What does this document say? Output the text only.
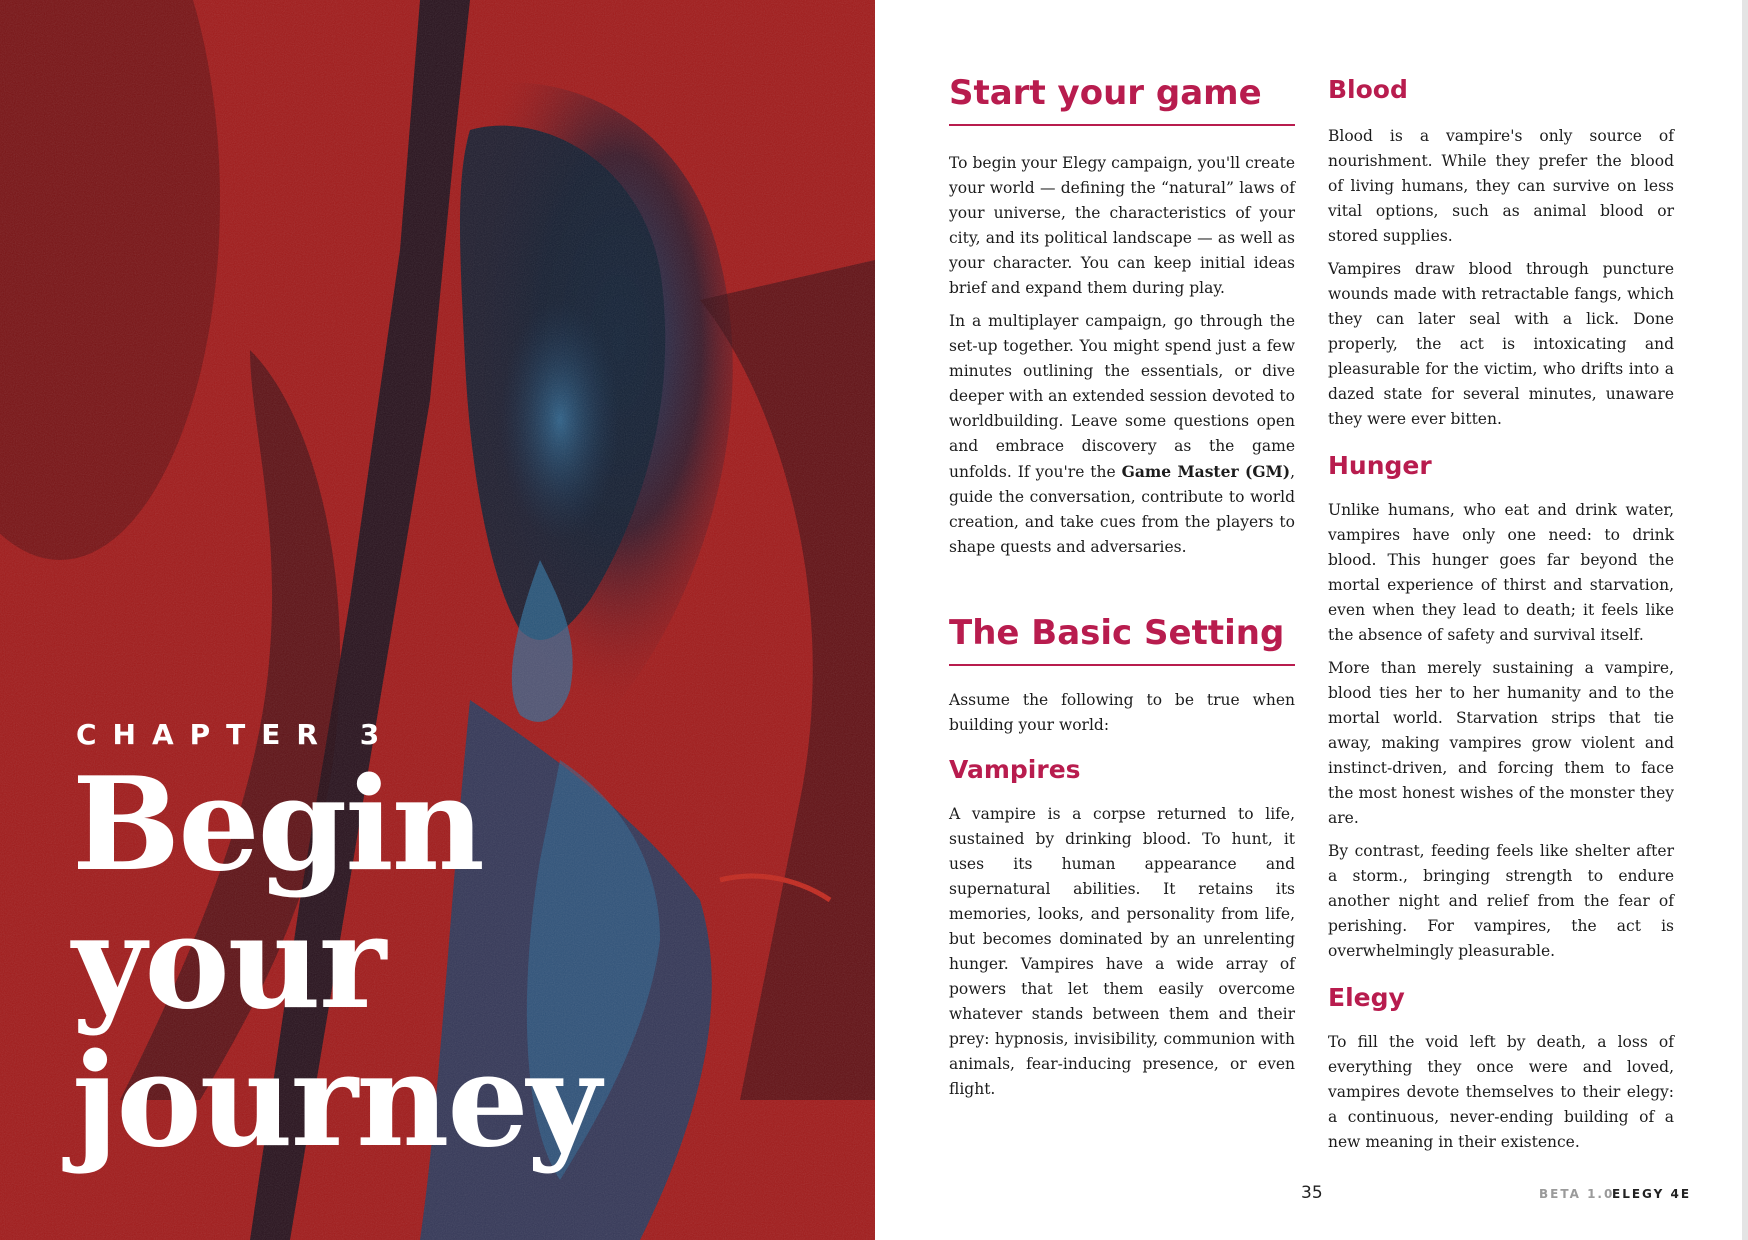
CHAPTER 3
Begin your
journey
Start your game

To begin your Elegy campaign, you'll create your world — defining the “natural” laws of your universe, the characteristics of your city, and its political landscape — as well as your character. You can keep initial ideas brief and expand them during play.

In a multiplayer campaign, go through the set-up together. You might spend just a few minutes outlining the essentials, or dive deeper with an extended session devoted to worldbuilding. Leave some questions open and embrace discovery as the game unfolds. If you're the Game Master (GM), guide the conversation, contribute to world creation, and take cues from the players to shape quests and adversaries.

The Basic Setting

Assume the following to be true when building your world:

Vampires

A vampire is a corpse returned to life, sustained by drinking blood. To hunt, it uses its human appearance and supernatural abilities. It retains its memories, looks, and personality from life, but becomes dominated by an unrelenting hunger. Vampires have a wide array of powers that let them easily overcome whatever stands between them and their prey: hypnosis, invisibility, communion with animals, fear-inducing presence, or even flight.

Blood

Blood is a vampire's only source of nourishment. While they prefer the blood of living humans, they can survive on less vital options, such as animal blood or stored supplies.

Vampires draw blood through puncture wounds made with retractable fangs, which they can later seal with a lick. Done properly, the act is intoxicating and pleasurable for the victim, who drifts into a dazed state for several minutes, unaware they were ever bitten.

Hunger

Unlike humans, who eat and drink water, vampires have only one need: to drink blood. This hunger goes far beyond the mortal experience of thirst and starvation, even when they lead to death; it feels like the absence of safety and survival itself.

More than merely sustaining a vampire, blood ties her to her humanity and to the mortal world. Starvation strips that tie away, making vampires grow violent and instinct-driven, and forcing them to face the most honest wishes of the monster they are.

By contrast, feeding feels like shelter after a storm., bringing strength to endure another night and relief from the fear of perishing. For vampires, the act is overwhelmingly pleasurable.

Elegy

To fill the void left by death, a loss of everything they once were and loved, vampires devote themselves to their elegy: a continuous, never-ending building of a new meaning in their existence.

35	BETA 1.0
ELEGY 4E
